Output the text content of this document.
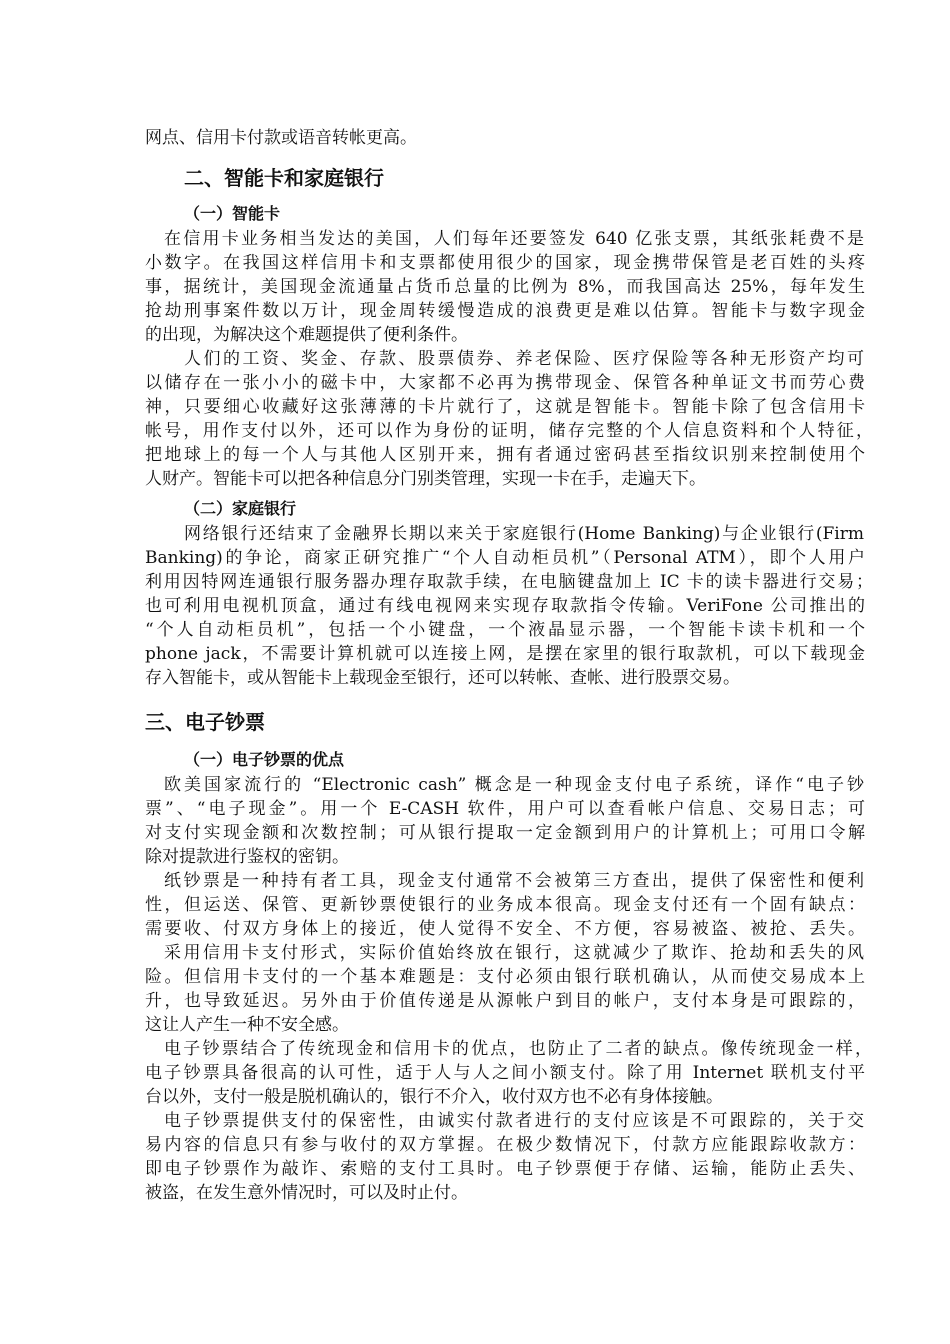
网点、信用卡付款或语音转帐更高。
二、智能卡和家庭银行
（一）智能卡
在信用卡业务相当发达的美国，人们每年还要签发 640 亿张支票，其纸张耗费不是
小数字。在我国这样信用卡和支票都使用很少的国家，现金携带保管是老百姓的头疼
事，据统计，美国现金流通量占货币总量的比例为 8%，而我国高达 25%，每年发生
抢劫刑事案件数以万计，现金周转缓慢造成的浪费更是难以估算。智能卡与数字现金
的出现，为解决这个难题提供了便利条件。
人们的工资、奖金、存款、股票债券、养老保险、医疗保险等各种无形资产均可
以储存在一张小小的磁卡中，大家都不必再为携带现金、保管各种单证文书而劳心费
神，只要细心收藏好这张薄薄的卡片就行了，这就是智能卡。智能卡除了包含信用卡
帐号，用作支付以外，还可以作为身份的证明，储存完整的个人信息资料和个人特征，
把地球上的每一个人与其他人区别开来，拥有者通过密码甚至指纹识别来控制使用个
人财产。智能卡可以把各种信息分门别类管理，实现一卡在手，走遍天下。
（二）家庭银行
网络银行还结束了金融界长期以来关于家庭银行(Home Banking)与企业银行(Firm
Banking)的争论，商家正研究推广“个人自动柜员机”（Personal ATM），即个人用户
利用因特网连通银行服务器办理存取款手续，在电脑键盘加上 IC 卡的读卡器进行交易；
也可利用电视机顶盒，通过有线电视网来实现存取款指令传输。VeriFone 公司推出的
“个人自动柜员机”，包括一个小键盘，一个液晶显示器，一个智能卡读卡机和一个
phone jack，不需要计算机就可以连接上网，是摆在家里的银行取款机，可以下载现金
存入智能卡，或从智能卡上载现金至银行，还可以转帐、查帐、进行股票交易。
三、电子钞票
（一）电子钞票的优点
欧美国家流行的 “Electronic cash” 概念是一种现金支付电子系统，译作“电子钞
票”、“电子现金”。用一个 E-CASH 软件，用户可以查看帐户信息、交易日志；可
对支付实现金额和次数控制；可从银行提取一定金额到用户的计算机上；可用口令解
除对提款进行鉴权的密钥。
纸钞票是一种持有者工具，现金支付通常不会被第三方查出，提供了保密性和便利
性，但运送、保管、更新钞票使银行的业务成本很高。现金支付还有一个固有缺点：
需要收、付双方身体上的接近，使人觉得不安全、不方便，容易被盗、被抢、丢失。
采用信用卡支付形式，实际价值始终放在银行，这就减少了欺诈、抢劫和丢失的风
险。但信用卡支付的一个基本难题是：支付必须由银行联机确认，从而使交易成本上
升，也导致延迟。另外由于价值传递是从源帐户到目的帐户，支付本身是可跟踪的，
这让人产生一种不安全感。
电子钞票结合了传统现金和信用卡的优点，也防止了二者的缺点。像传统现金一样，
电子钞票具备很高的认可性，适于人与人之间小额支付。除了用 Internet 联机支付平
台以外，支付一般是脱机确认的，银行不介入，收付双方也不必有身体接触。
电子钞票提供支付的保密性，由诚实付款者进行的支付应该是不可跟踪的，关于交
易内容的信息只有参与收付的双方掌握。在极少数情况下，付款方应能跟踪收款方：
即电子钞票作为敲诈、索赔的支付工具时。电子钞票便于存储、运输，能防止丢失、
被盗，在发生意外情况时，可以及时止付。
